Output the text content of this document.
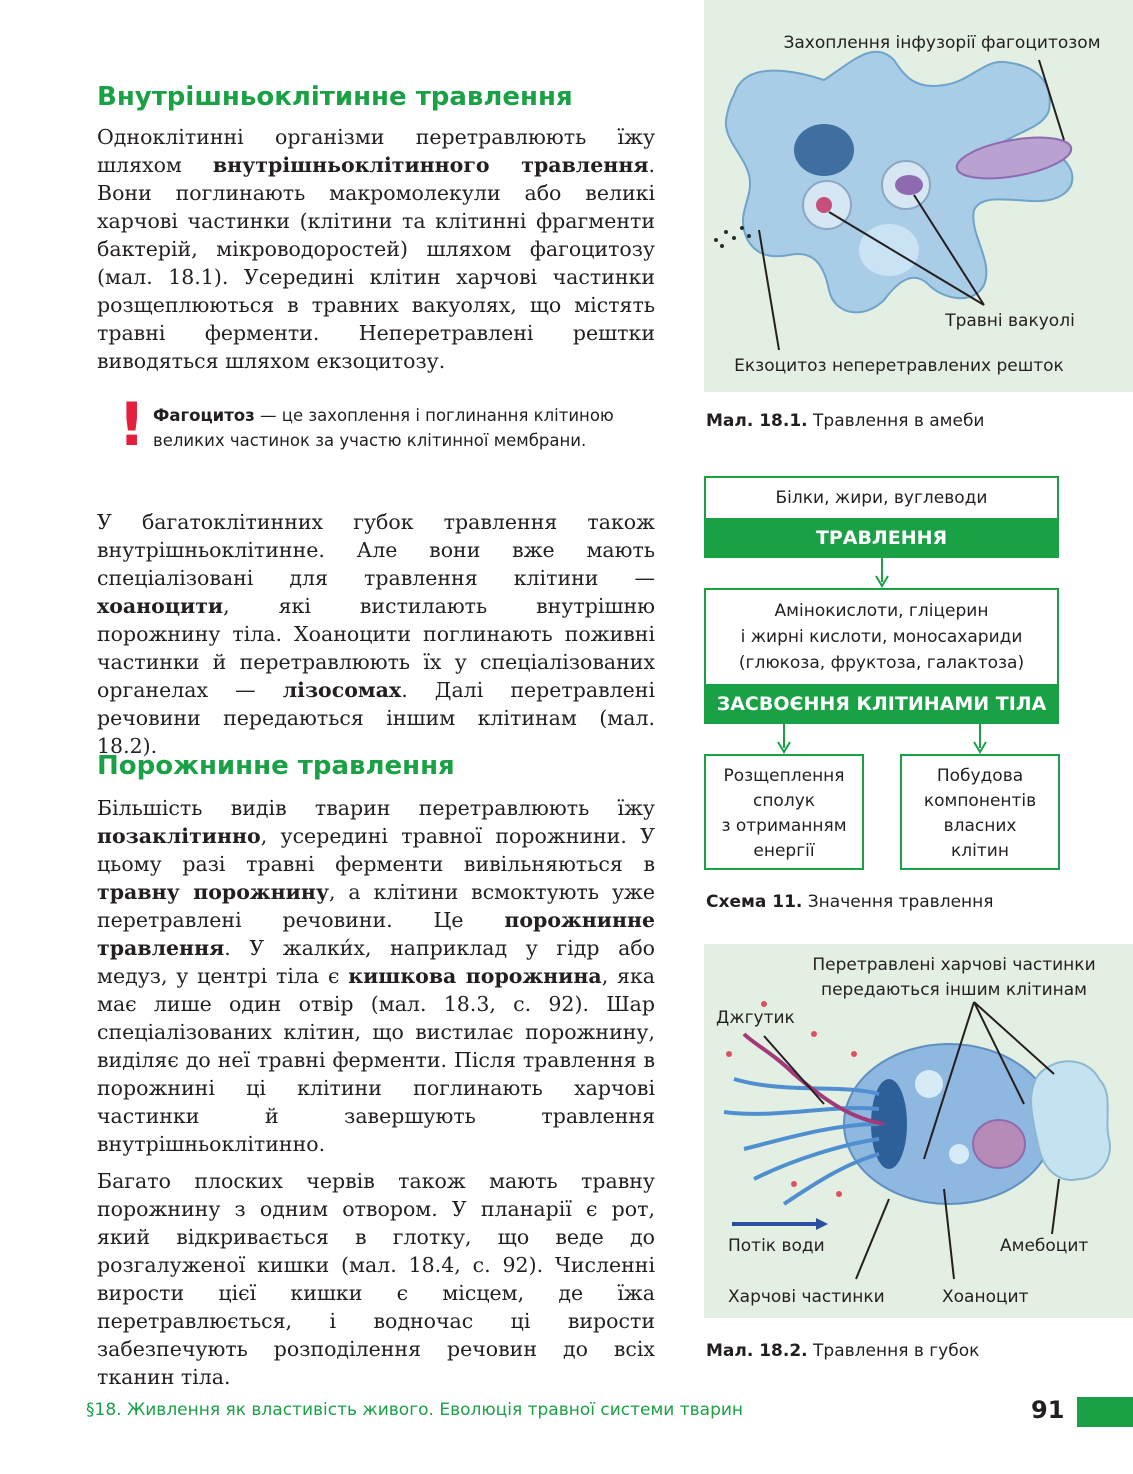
Внутрішньоклітинне травлення

Одноклітинні організми перетравлюють їжу шляхом внутрішньоклітинного травлення. Вони поглинають макромолекули або великі харчові частинки (клітини та клітинні фрагменти бактерій, мікроводоростей) шляхом фагоцитозу (мал. 18.1). Усередині клітин харчові частинки розщеплюються в травних вакуолях, що містять травні ферменти. Неперетравлені рештки виводяться шляхом екзоцитозу.

! Фагоцитоз — це захоплення і поглинання клітиною великих частинок за участю клітинної мембрани.

У багатоклітинних губок травлення також внутрішньоклітинне. Але вони вже мають спеціалізовані для травлення клітини — хоаноцити, які вистилають внутрішню порожнину тіла. Хоаноцити поглинають поживні частинки й перетравлюють їх у спеціалізованих органелах — лізосомах. Далі перетравлені речовини передаються іншим клітинам (мал. 18.2).

Порожнинне травлення

Більшість видів тварин перетравлюють їжу позаклітинно, усередині травної порожнини. У цьому разі травні ферменти вивільняються в травну порожнину, а клітини всмоктують уже перетравлені речовини. Це порожнинне травлення. У жалки́х, наприклад у гідр або медуз, у центрі тіла є кишкова порожнина, яка має лише один отвір (мал. 18.3, с. 92). Шар спеціалізованих клітин, що вистилає порожнину, виділяє до неї травні ферменти. Після травлення в порожнині ці клітини поглинають харчові частинки й завершують травлення внутрішньоклітинно.

Багато плоских червів також мають травну порожнину з одним отвором. У планарії є рот, який відкривається в глотку, що веде до розгалуженої кишки (мал. 18.4, с. 92). Численні вирости цієї кишки є місцем, де їжа перетравлюється, і водночас ці вирости забезпечують розподілення речовин до всіх тканин тіла.

Захоплення інфузорії фагоцитозом
Травні вакуолі
Екзоцитоз неперетравлених решток
Мал. 18.1. Травлення в амеби
Білки, жири, вуглеводи
ТРАВЛЕННЯ
Амінокислоти, гліцерин
і жирні кислоти, моносахариди
(глюкоза, фруктоза, галактоза)
ЗАСВОЄННЯ КЛІТИНАМИ ТІЛА
Розщеплення
сполук
з отриманням
енергії
Побудова
компонентів
власних
клітин
Схема 11. Значення травлення
Перетравлені харчові частинки
передаються іншим клітинам
Джгутик
Потік води	Амебоцит
Харчові частинки	Хоаноцит
Мал. 18.2. Травлення в губок
§18. Живлення як властивість живого. Еволюція травної системи тварин	91
